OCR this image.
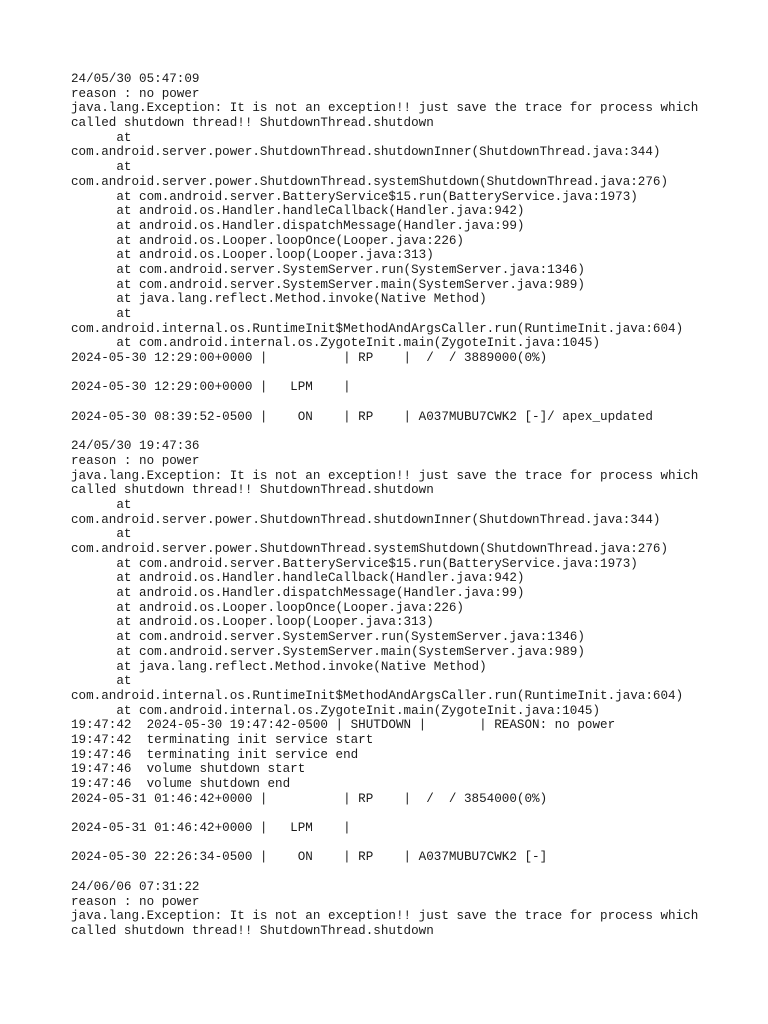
24/05/30 05:47:09
reason : no power
java.lang.Exception: It is not an exception!! just save the trace for process which
called shutdown thread!! ShutdownThread.shutdown
at
com.android.server.power.ShutdownThread.shutdownInner(ShutdownThread.java:344)
at
com.android.server.power.ShutdownThread.systemShutdown(ShutdownThread.java:276)
at com.android.server.BatteryService$15.run(BatteryService.java:1973)
at android.os.Handler.handleCallback(Handler.java:942)
at android.os.Handler.dispatchMessage(Handler.java:99)
at android.os.Looper.loopOnce(Looper.java:226)
at android.os.Looper.loop(Looper.java:313)
at com.android.server.SystemServer.run(SystemServer.java:1346)
at com.android.server.SystemServer.main(SystemServer.java:989)
at java.lang.reflect.Method.invoke(Native Method)
at
com.android.internal.os.RuntimeInit$MethodAndArgsCaller.run(RuntimeInit.java:604)
at com.android.internal.os.ZygoteInit.main(ZygoteInit.java:1045)
2024-05-30 12:29:00+0000 |          | RP    |  /  / 3889000(0%)
2024-05-30 12:29:00+0000 |   LPM    |
2024-05-30 08:39:52-0500 |    ON    | RP    | A037MUBU7CWK2 [-]/ apex_updated
24/05/30 19:47:36
reason : no power
java.lang.Exception: It is not an exception!! just save the trace for process which
called shutdown thread!! ShutdownThread.shutdown
at
com.android.server.power.ShutdownThread.shutdownInner(ShutdownThread.java:344)
at
com.android.server.power.ShutdownThread.systemShutdown(ShutdownThread.java:276)
at com.android.server.BatteryService$15.run(BatteryService.java:1973)
at android.os.Handler.handleCallback(Handler.java:942)
at android.os.Handler.dispatchMessage(Handler.java:99)
at android.os.Looper.loopOnce(Looper.java:226)
at android.os.Looper.loop(Looper.java:313)
at com.android.server.SystemServer.run(SystemServer.java:1346)
at com.android.server.SystemServer.main(SystemServer.java:989)
at java.lang.reflect.Method.invoke(Native Method)
at
com.android.internal.os.RuntimeInit$MethodAndArgsCaller.run(RuntimeInit.java:604)
at com.android.internal.os.ZygoteInit.main(ZygoteInit.java:1045)
19:47:42  2024-05-30 19:47:42-0500 | SHUTDOWN |       | REASON: no power
19:47:42  terminating init service start
19:47:46  terminating init service end
19:47:46  volume shutdown start
19:47:46  volume shutdown end
2024-05-31 01:46:42+0000 |          | RP    |  /  / 3854000(0%)
2024-05-31 01:46:42+0000 |   LPM    |
2024-05-30 22:26:34-0500 |    ON    | RP    | A037MUBU7CWK2 [-]
24/06/06 07:31:22
reason : no power
java.lang.Exception: It is not an exception!! just save the trace for process which
called shutdown thread!! ShutdownThread.shutdown
